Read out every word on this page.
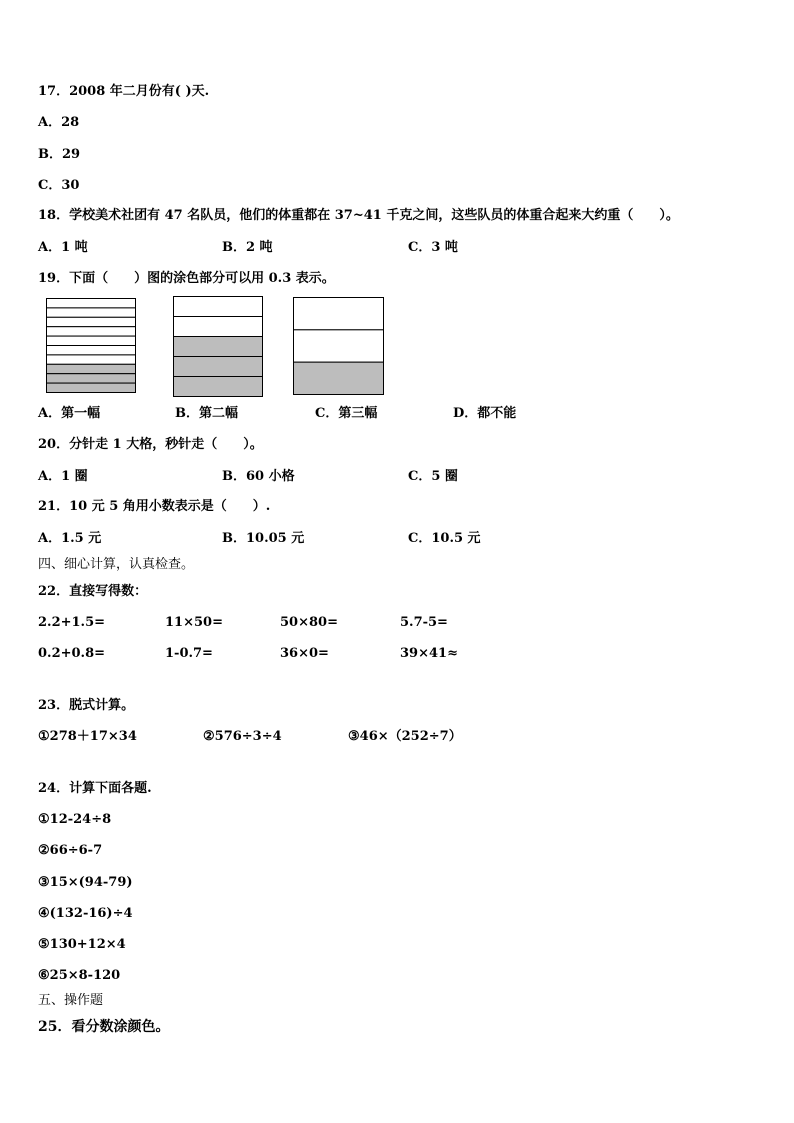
17．2008 年二月份有( )天.
A．28
B．29
C．30
18．学校美术社团有 47 名队员，他们的体重都在 37~41 千克之间，这些队员的体重合起来大约重（　　）。
A．1 吨	B．2 吨	C．3 吨
19．下面（　　）图的涂色部分可以用 0.3 表示。
A．第一幅	B．第二幅	C．第三幅	D．都不能
20．分针走 1 大格，秒针走（　　）。
A．1 圈	B．60 小格	C．5 圈
21．10 元 5 角用小数表示是（　　）.
A．1.5 元	B．10.05 元	C．10.5 元
四、细心计算，认真检查。
22．直接写得数：
2.2+1.5=	11×50=	50×80=	5.7-5=
0.2+0.8=	1-0.7=	36×0=	39×41≈
23．脱式计算。
①278＋17×34	②576÷3÷4	③46×（252÷7）
24．计算下面各题.
①12-24÷8
②66÷6-7
③15×(94-79)
④(132-16)÷4
⑤130+12×4
⑥25×8-120
五、操作题
25．看分数涂颜色。
